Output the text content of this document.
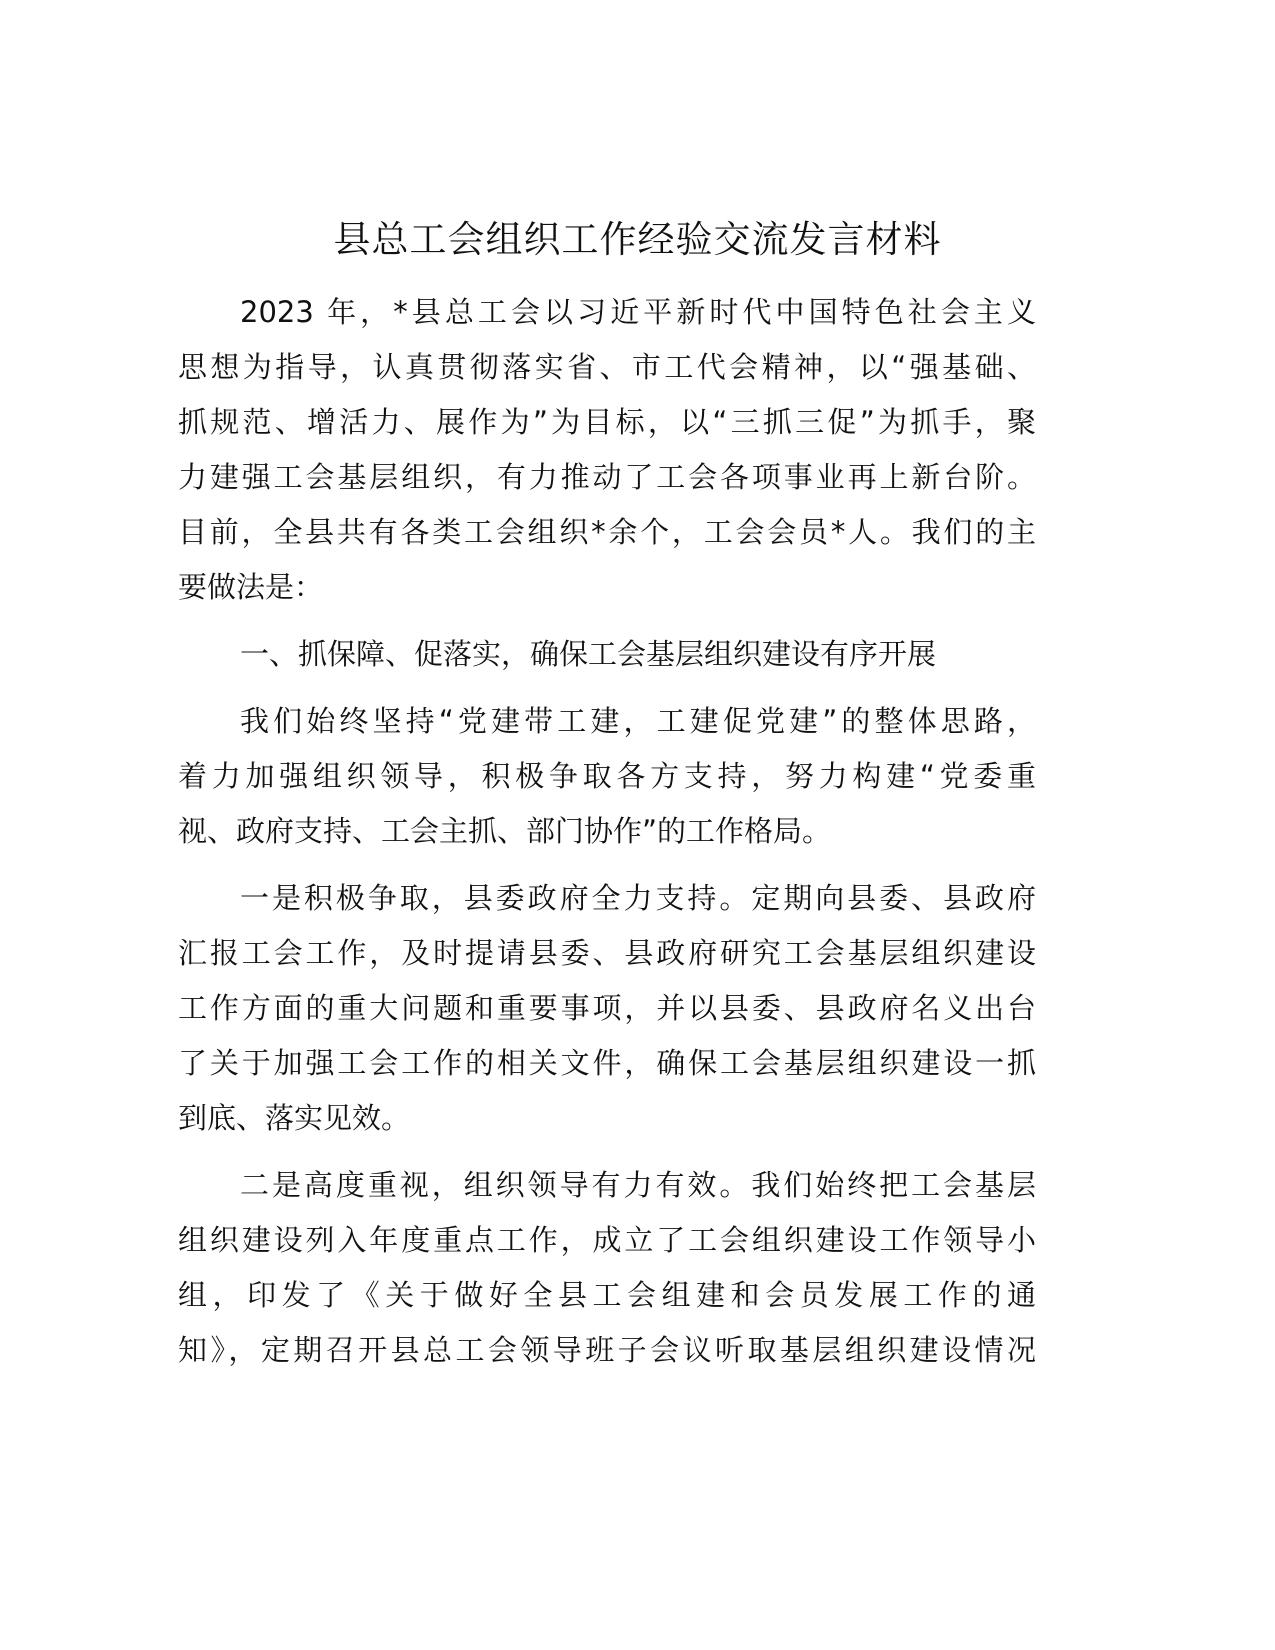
县总工会组织工作经验交流发言材料
2023 年，*县总工会以习近平新时代中国特色社会主义
思想为指导，认真贯彻落实省、市工代会精神，以“强基础、
抓规范、增活力、展作为”为目标，以“三抓三促”为抓手，聚
力建强工会基层组织，有力推动了工会各项事业再上新台阶。
目前，全县共有各类工会组织*余个，工会会员*人。我们的主
要做法是：
一、抓保障、促落实，确保工会基层组织建设有序开展
我们始终坚持“党建带工建，工建促党建”的整体思路，
着力加强组织领导，积极争取各方支持，努力构建“党委重
视、政府支持、工会主抓、部门协作”的工作格局。
一是积极争取，县委政府全力支持。定期向县委、县政府
汇报工会工作，及时提请县委、县政府研究工会基层组织建设
工作方面的重大问题和重要事项，并以县委、县政府名义出台
了关于加强工会工作的相关文件，确保工会基层组织建设一抓
到底、落实见效。
二是高度重视，组织领导有力有效。我们始终把工会基层
组织建设列入年度重点工作，成立了工会组织建设工作领导小
组，印发了《关于做好全县工会组建和会员发展工作的通
知》，定期召开县总工会领导班子会议听取基层组织建设情况
